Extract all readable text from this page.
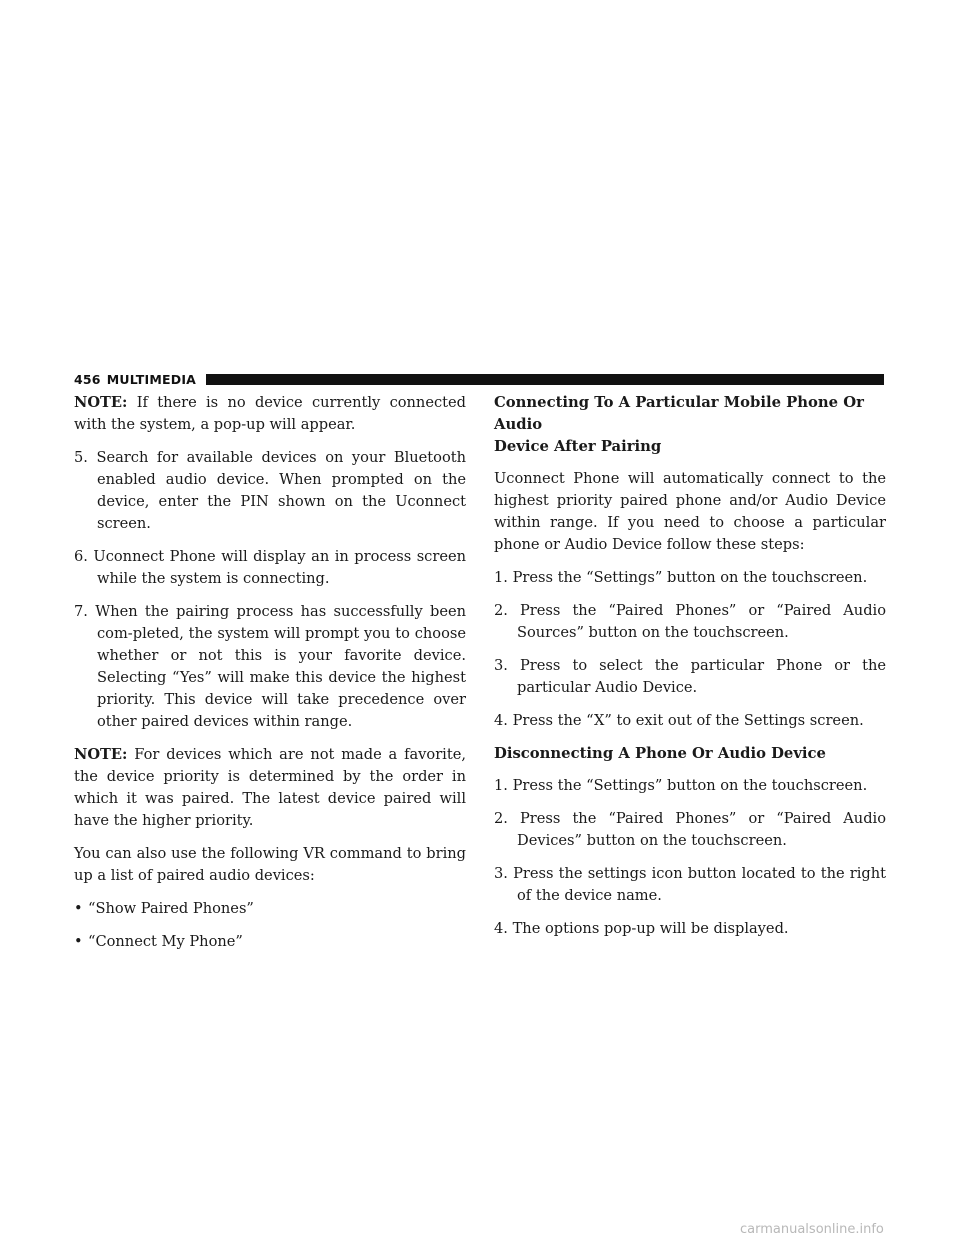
456 MULTIMEDIA

NOTE: If there is no device currently connected with the system, a pop-up will appear.

5. Search for available devices on your Bluetooth enabled audio device. When prompted on the device, enter the PIN shown on the Uconnect screen.
6. Uconnect Phone will display an in process screen while the system is connecting.
7. When the pairing process has successfully been com-pleted, the system will prompt you to choose whether or not this is your favorite device. Selecting “Yes” will make this device the highest priority. This device will take precedence over other paired devices within range.

NOTE: For devices which are not made a favorite, the device priority is determined by the order in which it was paired. The latest device paired will have the higher priority.

You can also use the following VR command to bring up a list of paired audio devices:

• “Show Paired Phones”
• “Connect My Phone”
Connecting To A Particular Mobile Phone Or Audio
Device After Pairing

Uconnect Phone will automatically connect to the highest priority paired phone and/or Audio Device within range. If you need to choose a particular phone or Audio Device follow these steps:

1. Press the “Settings” button on the touchscreen.
2. Press the “Paired Phones” or “Paired Audio Sources” button on the touchscreen.
3. Press to select the particular Phone or the particular Audio Device.
4. Press the “X” to exit out of the Settings screen.
Disconnecting A Phone Or Audio Device
1. Press the “Settings” button on the touchscreen.
2. Press the “Paired Phones” or “Paired Audio Devices” button on the touchscreen.
3. Press the settings icon button located to the right of the device name.
4. The options pop-up will be displayed.
carmanualsonline.info
